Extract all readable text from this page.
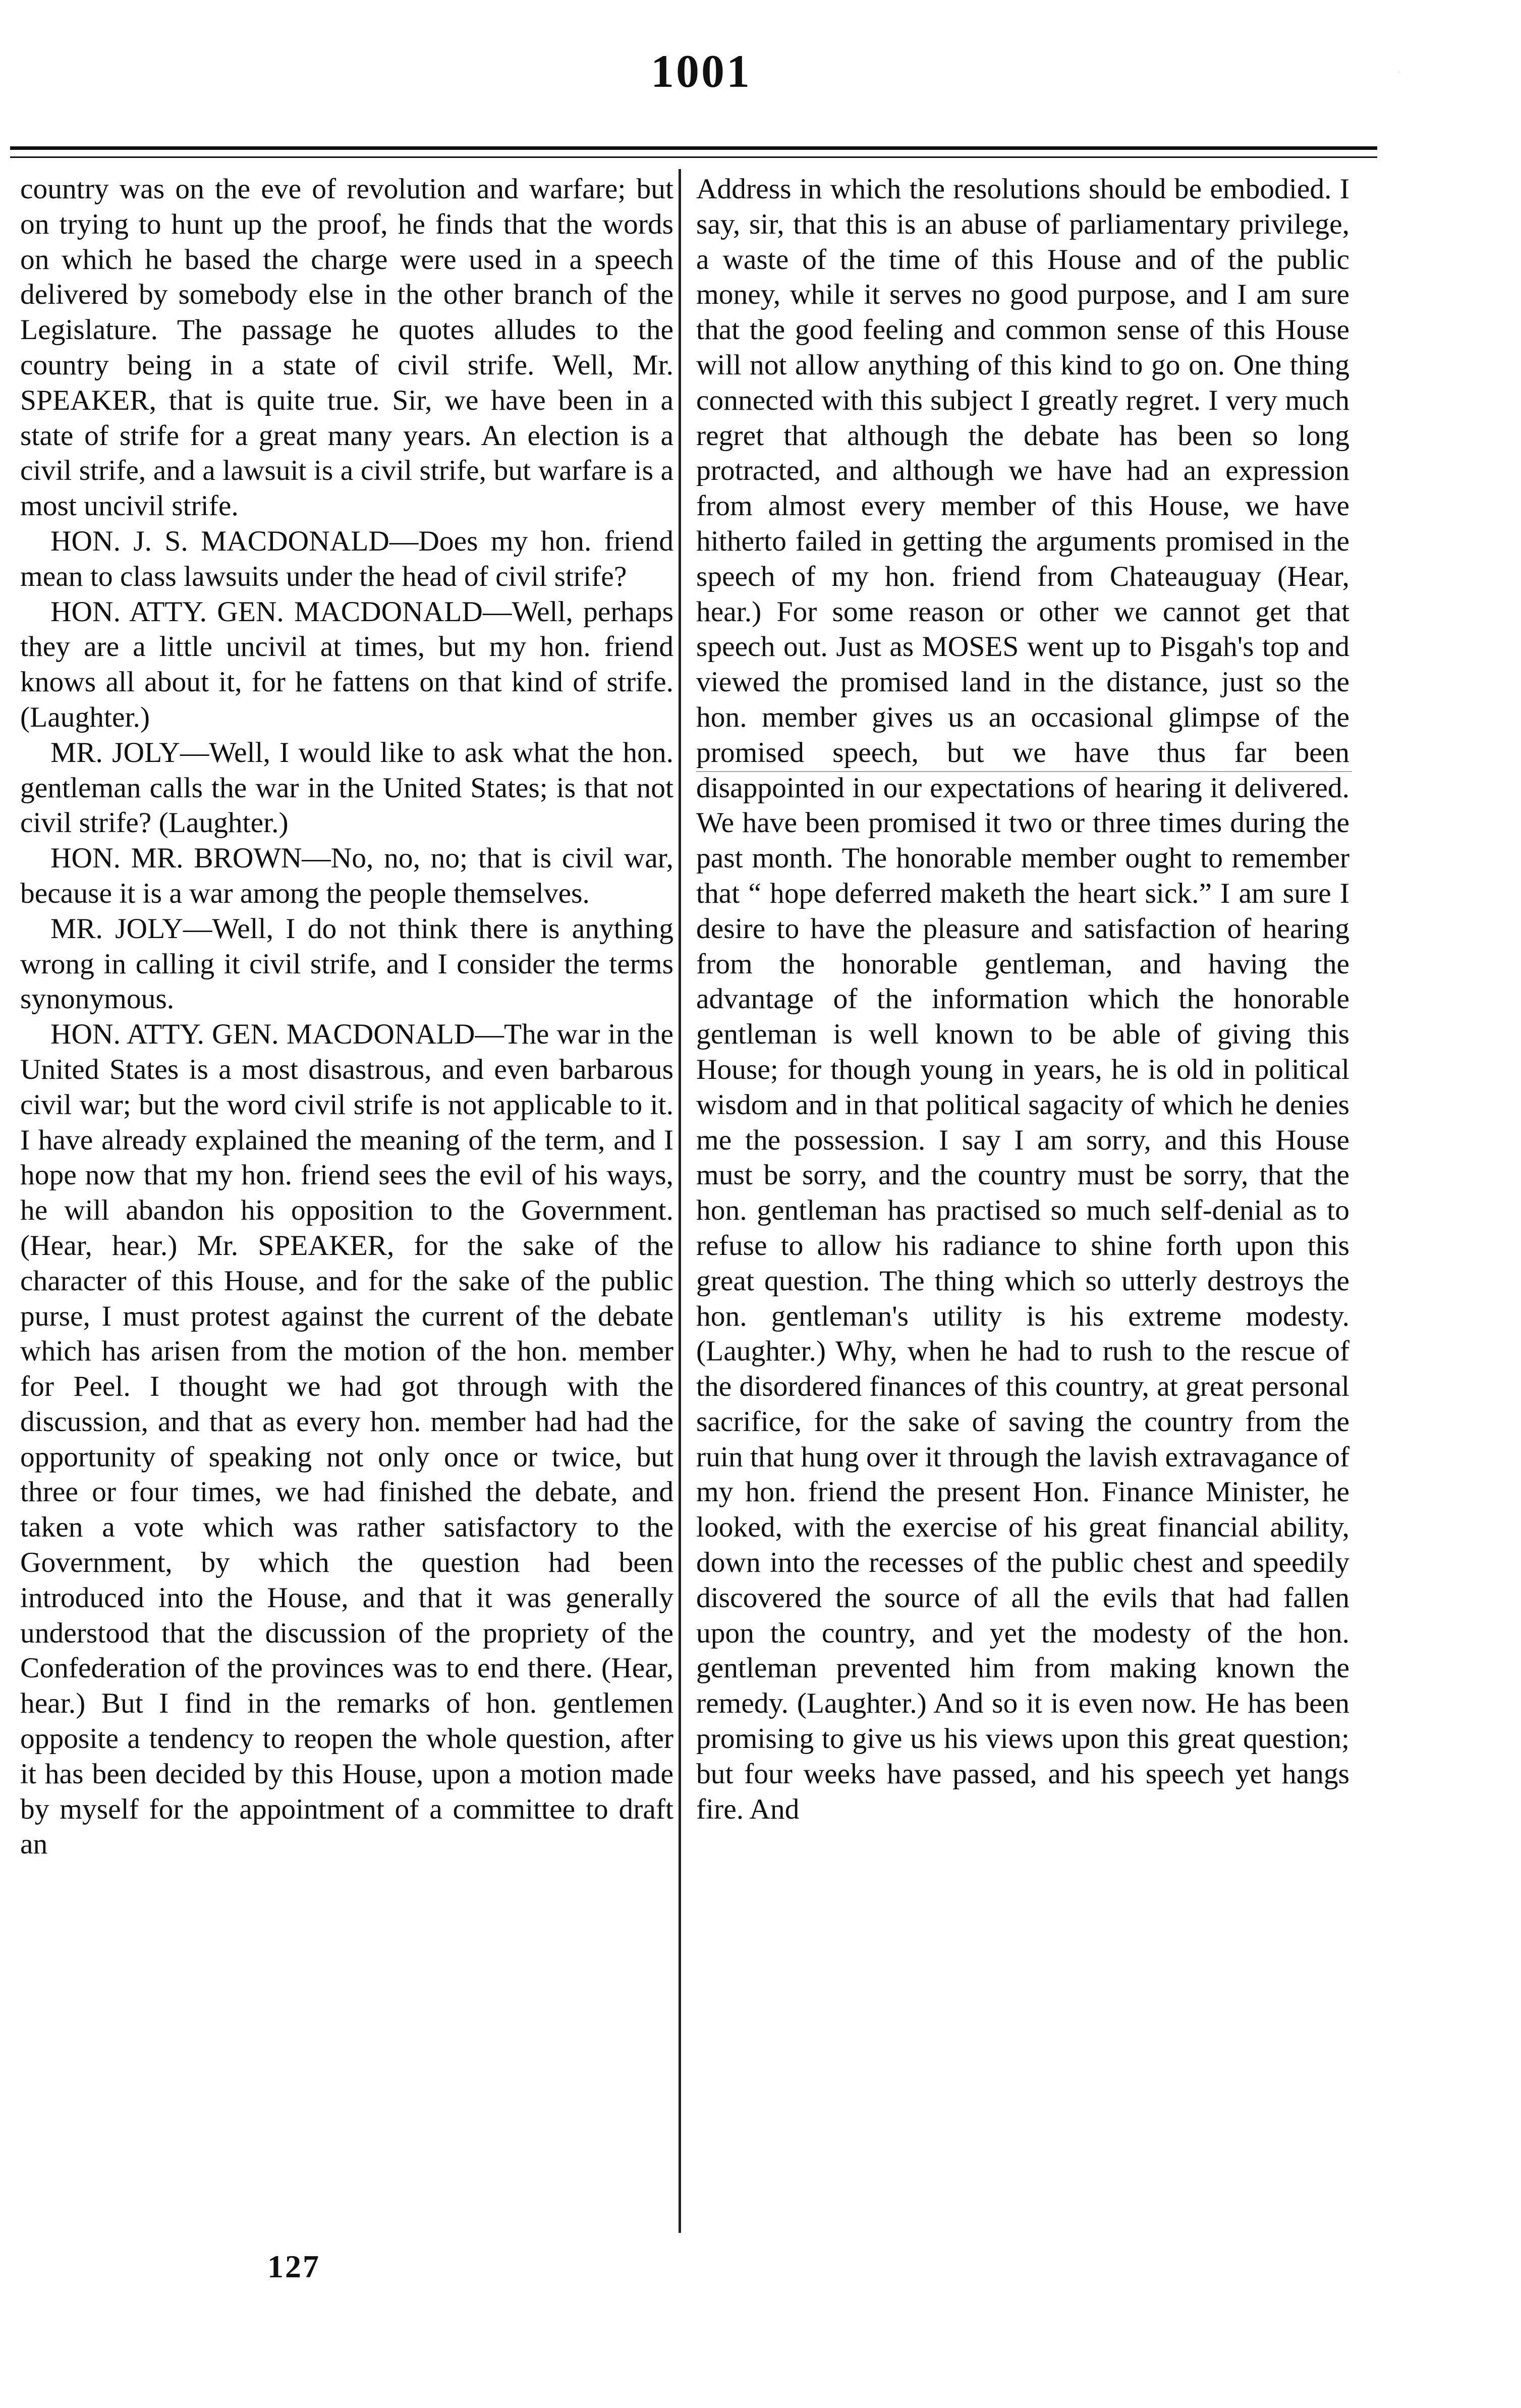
1001

country was on the eve of revolution and warfare; but on trying to hunt up the proof, he finds that the words on which he based the charge were used in a speech delivered by somebody else in the other branch of the Legislature. The passage he quotes alludes to the country being in a state of civil strife. Well, Mr. SPEAKER, that is quite true. Sir, we have been in a state of strife for a great many years. An election is a civil strife, and a lawsuit is a civil strife, but warfare is a most uncivil strife.

HON. J. S. MACDONALD—Does my hon. friend mean to class lawsuits under the head of civil strife?

HON. ATTY. GEN. MACDONALD—Well, perhaps they are a little uncivil at times, but my hon. friend knows all about it, for he fattens on that kind of strife. (Laughter.)

MR. JOLY—Well, I would like to ask what the hon. gentleman calls the war in the United States; is that not civil strife? (Laughter.)

HON. MR. BROWN—No, no, no; that is civil war, because it is a war among the people themselves.

MR. JOLY—Well, I do not think there is anything wrong in calling it civil strife, and I consider the terms synonymous.

HON. ATTY. GEN. MACDONALD—The war in the United States is a most disastrous, and even barbarous civil war; but the word civil strife is not applicable to it. I have already explained the meaning of the term, and I hope now that my hon. friend sees the evil of his ways, he will abandon his opposition to the Government. (Hear, hear.) Mr. SPEAKER, for the sake of the character of this House, and for the sake of the public purse, I must protest against the current of the debate which has arisen from the motion of the hon. member for Peel. I thought we had got through with the discussion, and that as every hon. member had had the opportunity of speaking not only once or twice, but three or four times, we had finished the debate, and taken a vote which was rather satisfactory to the Government, by which the question had been introduced into the House, and that it was generally understood that the discussion of the propriety of the Confederation of the provinces was to end there. (Hear, hear.) But I find in the remarks of hon. gentlemen opposite a tendency to reopen the whole question, after it has been decided by this House, upon a motion made by myself for the appointment of a committee to draft an

Address in which the resolutions should be embodied. I say, sir, that this is an abuse of parliamentary privilege, a waste of the time of this House and of the public money, while it serves no good purpose, and I am sure that the good feeling and common sense of this House will not allow anything of this kind to go on. One thing connected with this subject I greatly regret. I very much regret that although the debate has been so long protracted, and although we have had an expression from almost every member of this House, we have hitherto failed in getting the arguments promised in the speech of my hon. friend from Chateauguay (Hear, hear.) For some reason or other we cannot get that speech out. Just as MOSES went up to Pisgah's top and viewed the promised land in the distance, just so the hon. member gives us an occasional glimpse of the promised speech, but we have thus far been disappointed in our expectations of hearing it delivered. We have been promised it two or three times during the past month. The honorable member ought to remember that “ hope deferred maketh the heart sick.” I am sure I desire to have the pleasure and satisfaction of hearing from the honorable gentleman, and having the advantage of the information which the honorable gentleman is well known to be able of giving this House; for though young in years, he is old in political wisdom and in that political sagacity of which he denies me the possession. I say I am sorry, and this House must be sorry, and the country must be sorry, that the hon. gentleman has practised so much self-denial as to refuse to allow his radiance to shine forth upon this great question. The thing which so utterly destroys the hon. gentleman's utility is his extreme modesty. (Laughter.) Why, when he had to rush to the rescue of the disordered finances of this country, at great personal sacrifice, for the sake of saving the country from the ruin that hung over it through the lavish extravagance of my hon. friend the present Hon. Finance Minister, he looked, with the exercise of his great financial ability, down into the recesses of the public chest and speedily discovered the source of all the evils that had fallen upon the country, and yet the modesty of the hon. gentleman prevented him from making known the remedy. (Laughter.) And so it is even now. He has been promising to give us his views upon this great question; but four weeks have passed, and his speech yet hangs fire. And

127
